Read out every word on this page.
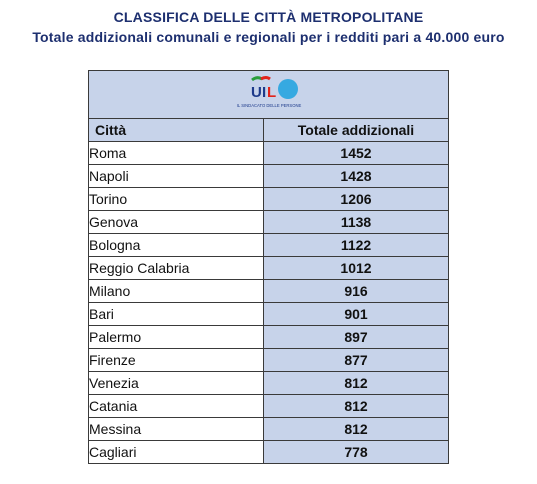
CLASSIFICA DELLE CITTÀ METROPOLITANE
Totale addizionali comunali e regionali per i redditi pari a 40.000 euro
U I L
IL SINDACATO DELLE PERSONE	

Città	Totale addizionali
Roma	1452
Napoli	1428
Torino	1206
Genova	1138
Bologna	1122
Reggio Calabria	1012
Milano	916
Bari	901
Palermo	897
Firenze	877
Venezia	812
Catania	812
Messina	812
Cagliari	778
